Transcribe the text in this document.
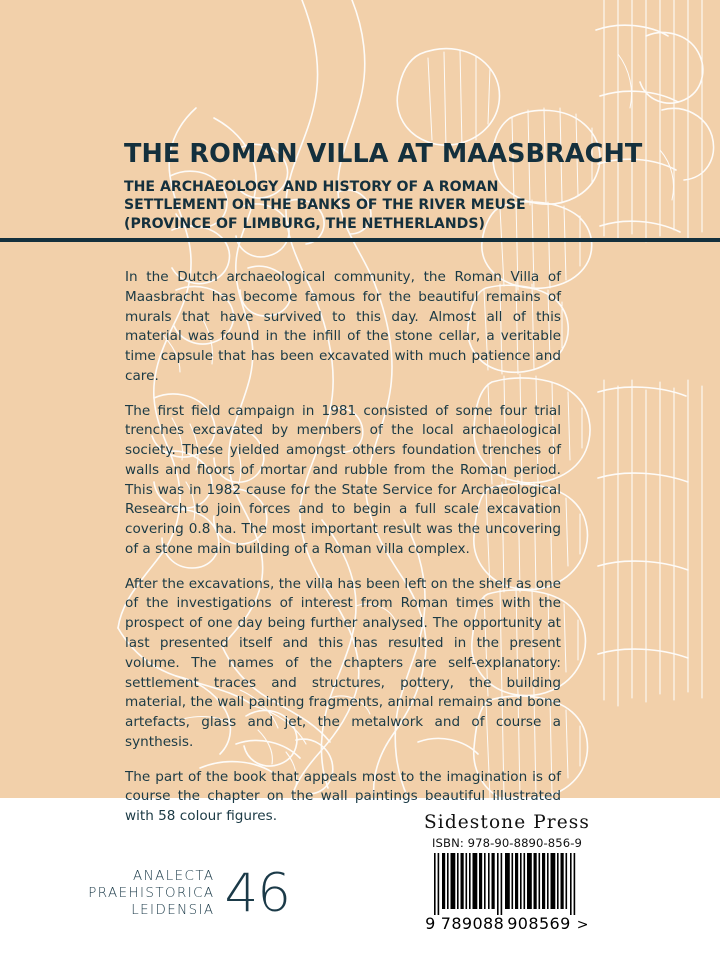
THE ROMAN VILLA AT MAASBRACHT
THE ARCHAEOLOGY AND HISTORY OF A ROMAN
SETTLEMENT ON THE BANKS OF THE RIVER MEUSE
(PROVINCE OF LIMBURG, THE NETHERLANDS)

In the Dutch archaeological community, the Roman Villa of Maasbracht has become famous for the beautiful remains of murals that have survived to this day. Almost all of this material was found in the infill of the stone cellar, a veritable time capsule that has been excavated with much patience and care.

The first field campaign in 1981 consisted of some four trial trenches excavated by members of the local archaeological society. These yielded amongst others foundation trenches of walls and floors of mortar and rubble from the Roman period. This was in 1982 cause for the State Service for Archaeological Research to join forces and to begin a full scale excavation covering 0.8 ha. The most important result was the uncovering of a stone main building of a Roman villa complex.

After the excavations, the villa has been left on the shelf as one of the investigations of interest from Roman times with the prospect of one day being further analysed. The opportunity at last presented itself and this has resulted in the present volume. The names of the chapters are self-explanatory: settlement traces and structures, pottery, the building material, the wall painting fragments, animal remains and bone artefacts, glass and jet, the metalwork and of course a synthesis.

The part of the book that appeals most to the imagination is of course the chapter on the wall paintings beautiful illustrated with 58 colour figures.

ANALECTA
PRAEHISTORICA
LEIDENSIA 46
Sidestone Press
ISBN: 978-90-8890-856-9
9 789088 908569 >
